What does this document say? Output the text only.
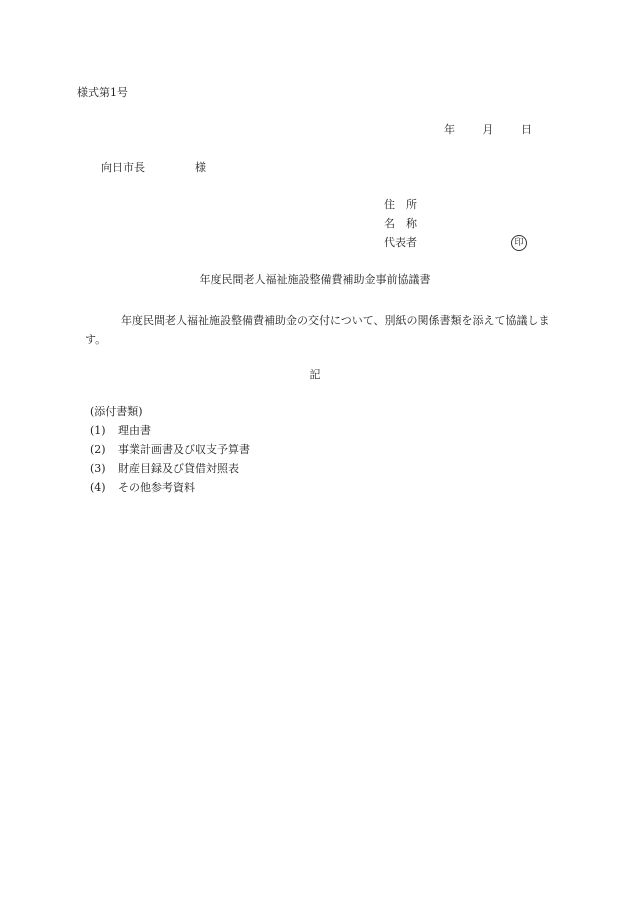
様式第1号
年	月	日
向日市長	様
住　所
名　称
代表者	印
年度民間老人福祉施設整備費補助金事前協議書
年度民間老人福祉施設整備費補助金の交付について、別紙の関係書類を添えて協議します。
記
(添付書類)
(1) 理由書
(2) 事業計画書及び収支予算書
(3) 財産目録及び貸借対照表
(4) その他参考資料
